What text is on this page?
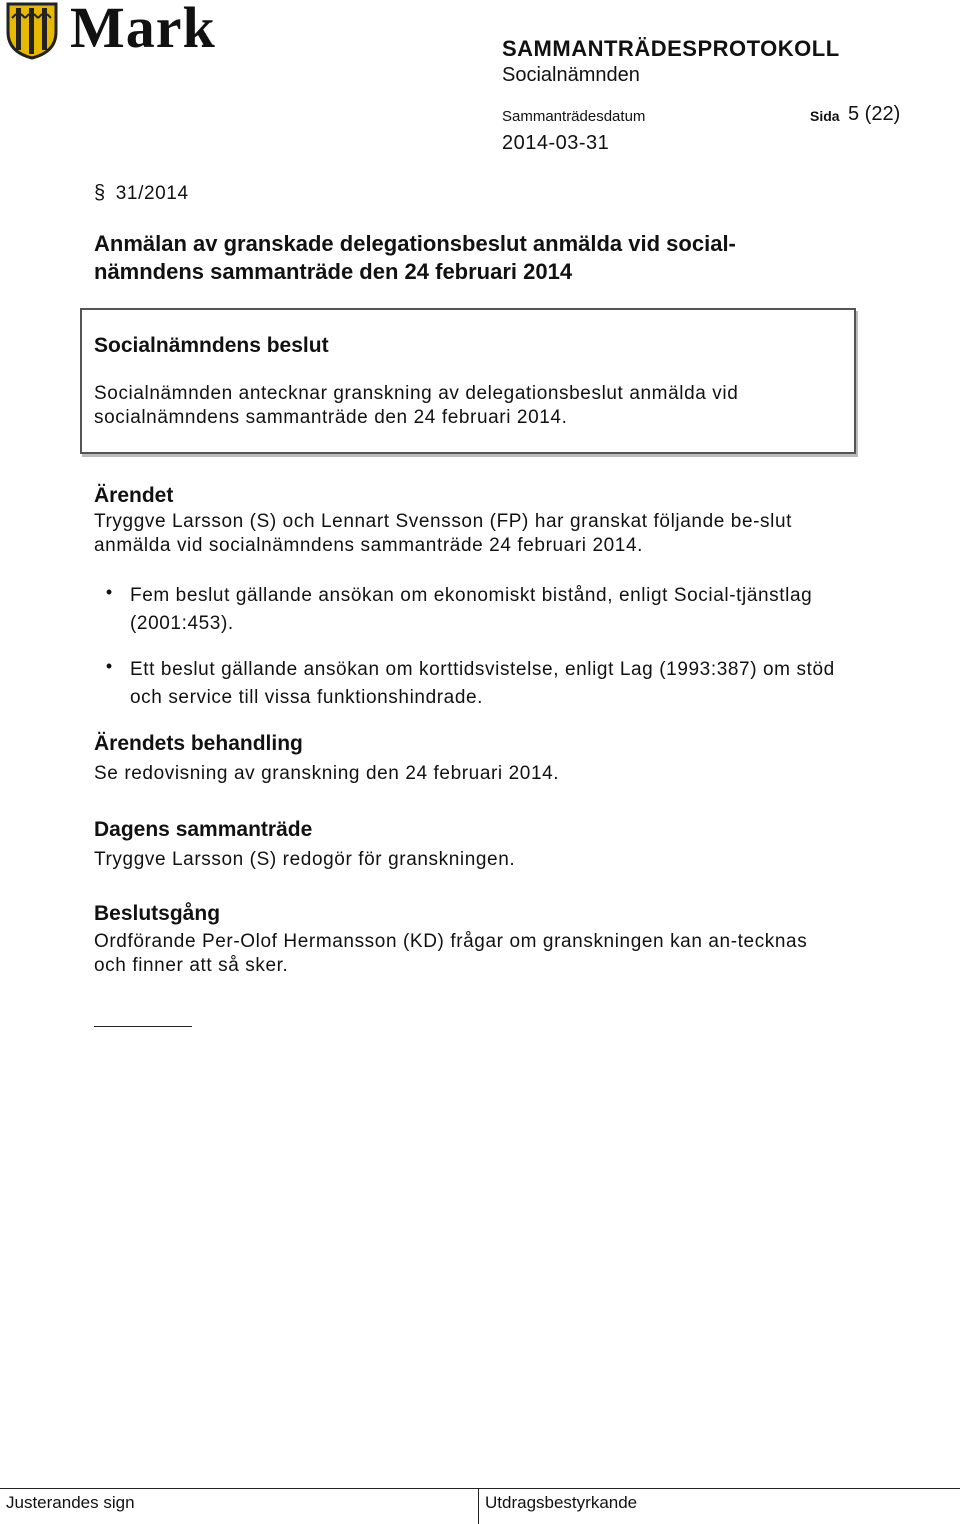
Mark	SAMMANTRÄDESPROTOKOLL
Socialnämnden
Sammanträdesdatum	Sida 5 (22)
2014-03-31
§ 31/2014
Anmälan av granskade delegationsbeslut anmälda vid social-nämndens sammanträde den 24 februari 2014
Socialnämndens beslut
Socialnämnden antecknar granskning av delegationsbeslut anmälda vid socialnämndens sammanträde den 24 februari 2014.
Ärendet
Tryggve Larsson (S) och Lennart Svensson (FP) har granskat följande be-slut anmälda vid socialnämndens sammanträde 24 februari 2014.
• Fem beslut gällande ansökan om ekonomiskt bistånd, enligt Social-tjänstlag (2001:453).
• Ett beslut gällande ansökan om korttidsvistelse, enligt Lag (1993:387) om stöd och service till vissa funktionshindrade.
Ärendets behandling
Se redovisning av granskning den 24 februari 2014.
Dagens sammanträde
Tryggve Larsson (S) redogör för granskningen.
Beslutsgång
Ordförande Per-Olof Hermansson (KD) frågar om granskningen kan an-tecknas och finner att så sker.
Justerandes sign	Utdragsbestyrkande
